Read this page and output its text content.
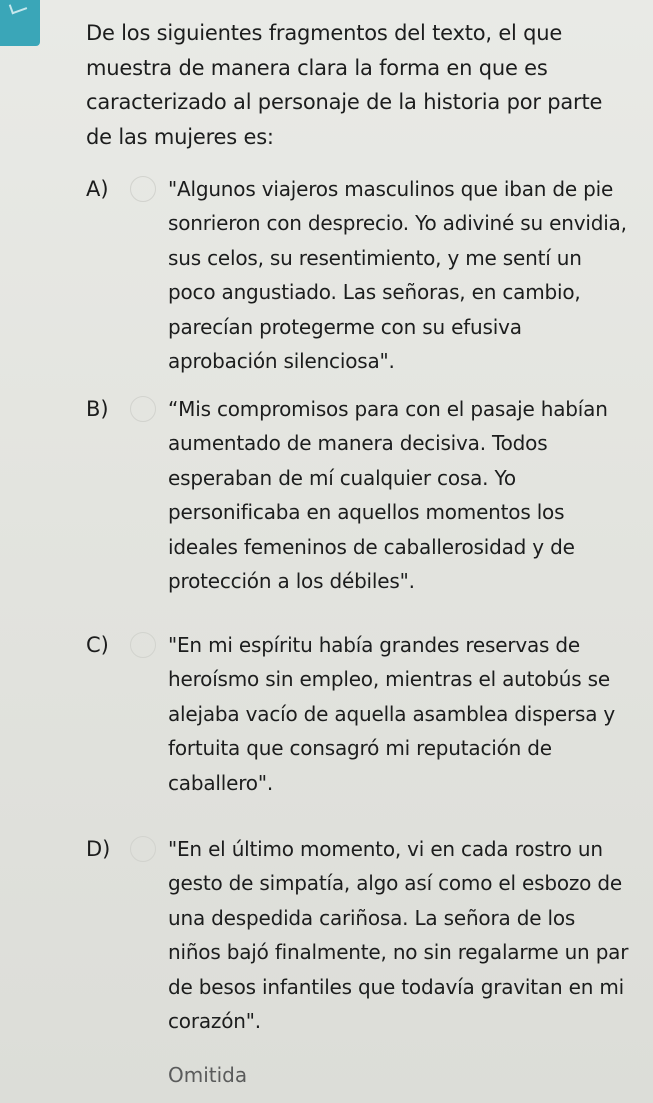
De los siguientes fragmentos del texto, el que muestra de manera clara la forma en que es caracterizado al personaje de la historia por parte de las mujeres es:
A)	"Algunos viajeros masculinos que iban de pie sonrieron con desprecio. Yo adiviné su envidia, sus celos, su resentimiento, y me sentí un poco angustiado. Las señoras, en cambio, parecían protegerme con su efusiva aprobación silenciosa".
B)	“Mis compromisos para con el pasaje habían aumentado de manera decisiva. Todos esperaban de mí cualquier cosa. Yo personificaba en aquellos momentos los ideales femeninos de caballerosidad y de protección a los débiles".
C)	"En mi espíritu había grandes reservas de heroísmo sin empleo, mientras el autobús se alejaba vacío de aquella asamblea dispersa y fortuita que consagró mi reputación de caballero".
D)	"En el último momento, vi en cada rostro un gesto de simpatía, algo así como el esbozo de una despedida cariñosa. La señora de los niños bajó finalmente, no sin regalarme un par de besos infantiles que todavía gravitan en mi corazón".
Omitida
